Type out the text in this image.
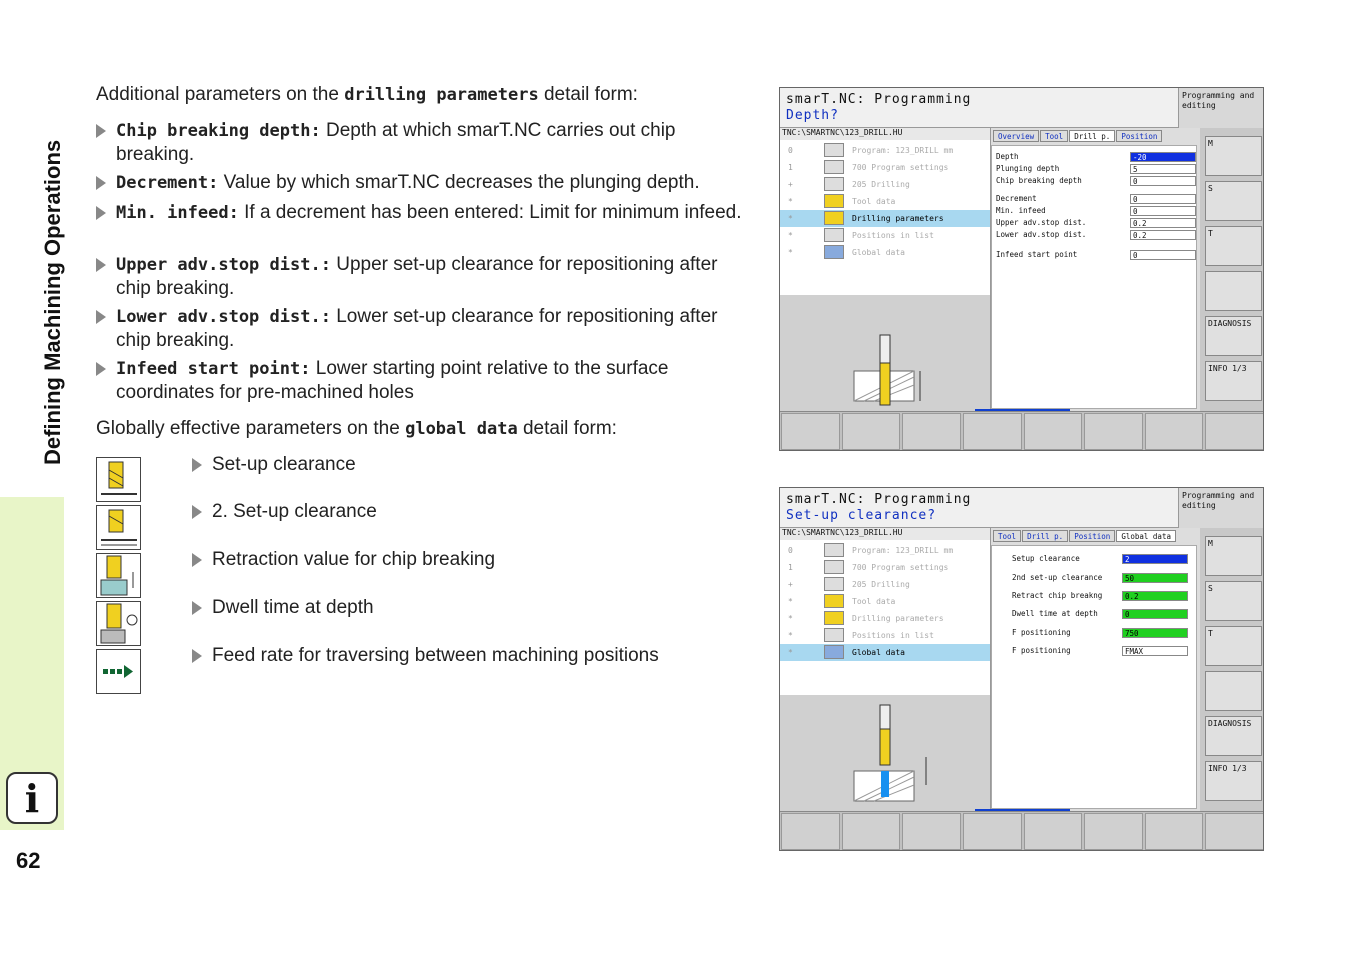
Defining Machining Operations
i
62
Additional parameters on the drilling parameters detail form:
Chip breaking depth: Depth at which smarT.NC carries out chip breaking.
Decrement: Value by which smarT.NC decreases the plunging depth.
Min. infeed: If a decrement has been entered: Limit for minimum infeed.
Upper adv.stop dist.: Upper set-up clearance for repositioning after chip breaking.
Lower adv.stop dist.: Lower set-up clearance for repositioning after chip breaking.
Infeed start point: Lower starting point relative to the surface coordinates for pre-machined holes
Globally effective parameters on the global data detail form:
Set-up clearance
2. Set-up clearance
Retraction value for chip breaking
Dwell time at depth
Feed rate for traversing between machining positions
smarT.NC: Programming
Depth?
Programming and editing
TNC:\SMARTNC\123_DRILL.HU
0	Program: 123_DRILL mm
1	700 Program settings
+	205 Drilling
*	Tool data
*	Drilling parameters
*	Positions in list
*	Global data
Overview	Tool	Drill p.	Position
Depth	-20
Plunging depth	5
Chip breaking depth	0
Decrement	0
Min. infeed	0
Upper adv.stop dist.	0.2
Lower adv.stop dist.	0.2
Infeed start point	0
M
S
T
DIAGNOSIS
INFO 1/3
smarT.NC: Programming
Set-up clearance?
Programming and editing
TNC:\SMARTNC\123_DRILL.HU
0	Program: 123_DRILL mm
1	700 Program settings
+	205 Drilling
*	Tool data
*	Drilling parameters
*	Positions in list
*	Global data
Tool	Drill p.	Position	Global data
Setup clearance	2
2nd set-up clearance	50
Retract chip breakng	0.2
Dwell time at depth	0
F positioning	750
F positioning	FMAX
M
S
T
DIAGNOSIS
INFO 1/3
